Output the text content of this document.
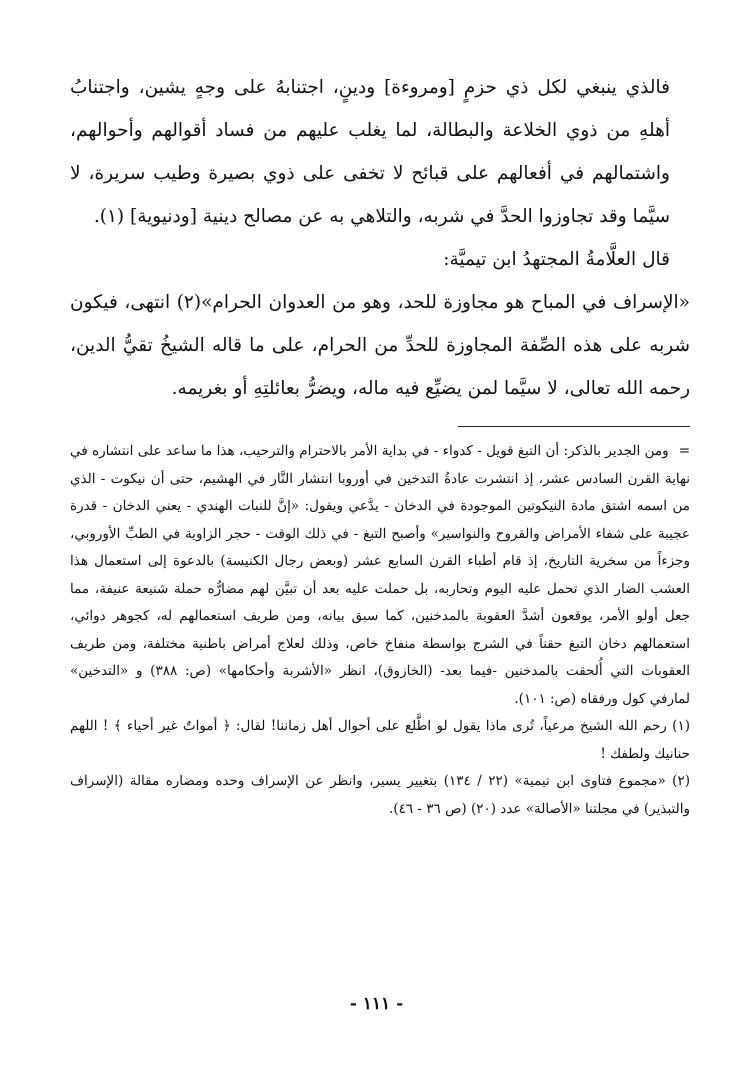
فالذي ينبغي لكل ذي حزمٍ [ومروءة] ودينٍ، اجتنابهُ على وجهٍ يشين، واجتنابُ أهلهِ من ذوي الخلاعة والبطالة، لما يغلب عليهم من فساد أقوالهم وأحوالهم، واشتمالهم في أفعالهم على قبائح لا تخفى على ذوي بصيرة وطيب سريرة، لا سيَّما وقد تجاوزوا الحدَّ في شربه، والتلاهي به عن مصالح دينية [ودنيوية] (١).

قال العلَّامةُ المجتهدُ ابن تيميَّة:

«الإسراف في المباح هو مجاوزة للحد، وهو من العدوان الحرام»(٢) انتهى، فيكون شربه على هذه الصِّفة المجاوزة للحدِّ من الحرام، على ما قاله الشيخُ تقيُّ الدين، رحمه الله تعالى، لا سيَّما لمن يضيِّع فيه ماله، ويضرُّ بعائلتِهِ أو بغريمه.

=ومن الجدير بالذكر: أن التبغ قويل - كدواء - في بداية الأمر بالاحترام والترحيب، هذا ما ساعد على انتشاره في نهاية القرن السادس عشر، إذ انتشرت عادةُ التدخين في أوروبا انتشار النَّار في الهشيم، حتى أن نيكوت - الذي من اسمه اشتق مادة النيكوتين الموجودة في الدخان - يدَّعي ويقول: «إنَّ للنبات الهندي - يعني الدخان - قدرة عجيبة على شفاء الأمراض والقروح والنواسير» وأصبح التبغ - في ذلك الوقت - حجر الزاوية في الطبِّ الأوروبي، وجزءاً من سخرية التاريخ، إذ قام أطباء القرن السابع عشر (وبعض رجال الكنيسة) بالدعوة إلى استعمال هذا العشب الضار الذي تحمل عليه اليوم وتحاربه، بل حملت عليه بعد أن تبيَّن لهم مضارُّه حملة شنيعة عنيفة، مما جعل أولو الأمر، يوقعون أشدَّ العقوبة بالمدخنين، كما سبق بيانه، ومن طريف استعمالهم له، كجوهر دوائي، استعمالهم دخان التبغ حقناً في الشرج بواسطة منفاخ خاص، وذلك لعلاج أمراض باطنية مختلفة، ومن طريف العقوبات التي أُلحقت بالمدخنين -فيما بعد- (الخازوق)، انظر «الأشربة وأحكامها» (ص: ٣٨٨) و «التدخين» لمارفي كول ورفقاه (ص: ١٠١).

(١) رحم الله الشيخ مرعياً، تُرى ماذا يقول لو اطَّلع على أحوال أهل زماننا! لقال: ﴿ أمواتٌ غير أحياء ﴾ ! اللهم حنانيك ولطفك !

(٢) «مجموع فتاوى ابن تيمية» (٢٢ / ١٣٤) بتغيير يسير، وانظر عن الإسراف وحده ومضاره مقالة (الإسراف والتبذير) في مجلتنا «الأصالة» عدد (٢٠) (ص ٣٦ - ٤٦).

- ١١١ -
